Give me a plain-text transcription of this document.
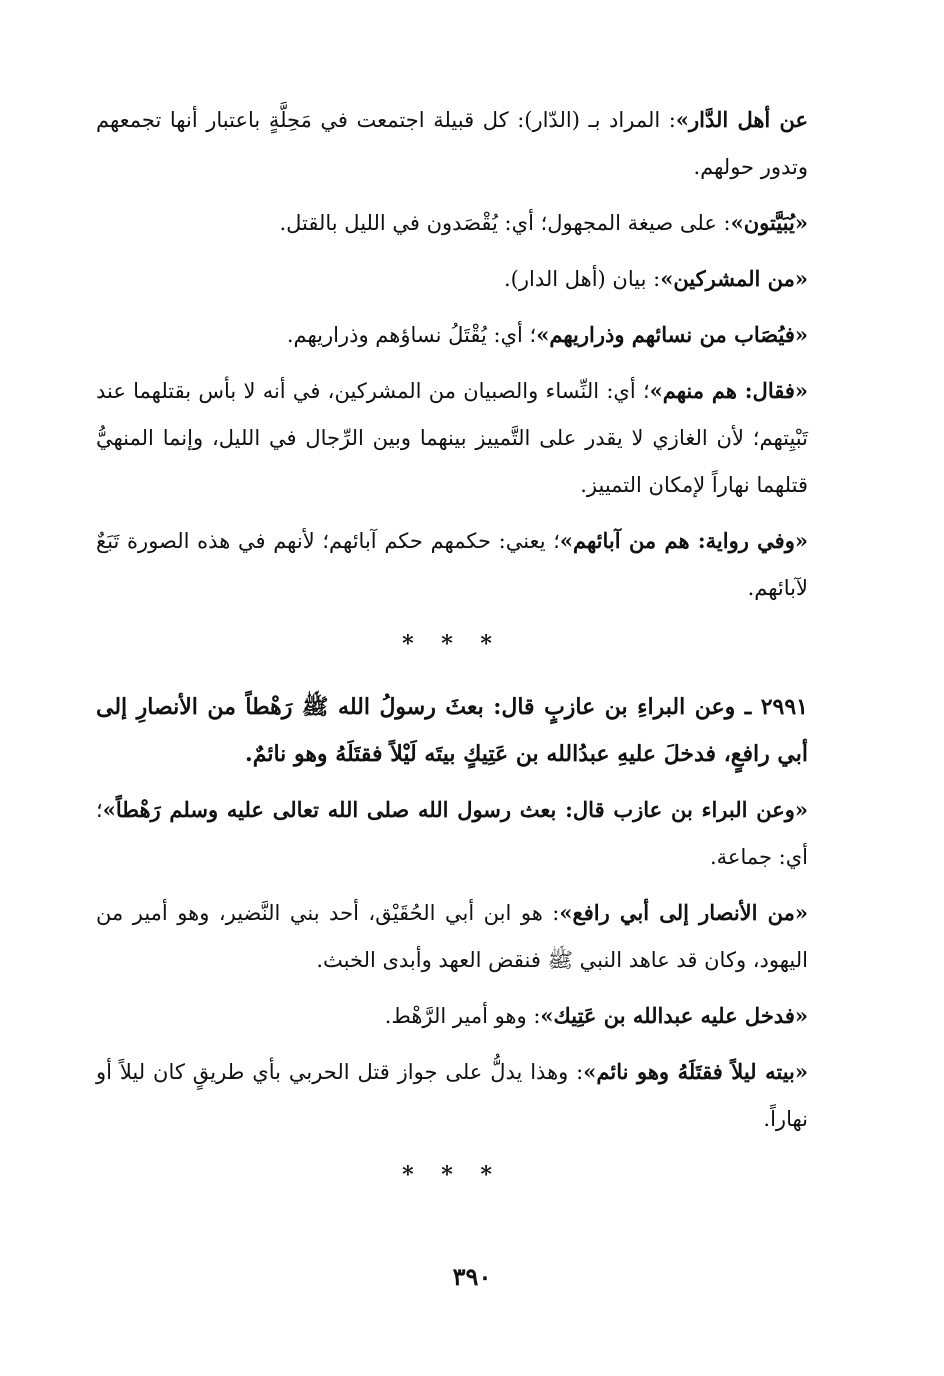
عن أهل الدَّار»: المراد بـ (الدّار): كل قبيلة اجتمعت في مَحِلَّةٍ باعتبار أنها تجمعهم وتدور حولهم.

«يُبَيَّتون»: على صيغة المجهول؛ أي: يُقْصَدون في الليل بالقتل.

«من المشركين»: بيان (أهل الدار).

«فيُصَاب من نسائهم وذراريهم»؛ أي: يُقْتَلُ نساؤهم وذراريهم.

«فقال: هم منهم»؛ أي: النِّساء والصبيان من المشركين، في أنه لا بأس بقتلهما عند تَبْيِتهم؛ لأن الغازي لا يقدر على التَّمييز بينهما وبين الرِّجال في الليل، وإنما المنهيُّ قتلهما نهاراً لإمكان التمييز.

«وفي رواية: هم من آبائهم»؛ يعني: حكمهم حكم آبائهم؛ لأنهم في هذه الصورة تَبَعٌ لآبائهم.

* * *

٢٩٩١ ـ وعن البراءِ بن عازبٍ قال: بعثَ رسولُ الله ﷺ رَهْطاً من الأنصارِ إلى أبي رافعٍ، فدخلَ عليهِ عبدُالله بن عَتِيكٍ بيتَه لَيْلاً فقتَلَهُ وهو نائمٌ.

«وعن البراء بن عازب قال: بعث رسول الله صلى الله تعالى عليه وسلم رَهْطاً»؛ أي: جماعة.

«من الأنصار إلى أبي رافع»: هو ابن أبي الحُقَيْق، أحد بني النَّضير، وهو أمير من اليهود، وكان قد عاهد النبي ﷺ فنقض العهد وأبدى الخبث.

«فدخل عليه عبدالله بن عَتِيك»: وهو أمير الرَّهْط.

«بيته ليلاً فقتَلَهُ وهو نائم»: وهذا يدلُّ على جواز قتل الحربي بأي طريقٍ كان ليلاً أو نهاراً.

* * *
٣٩٠
